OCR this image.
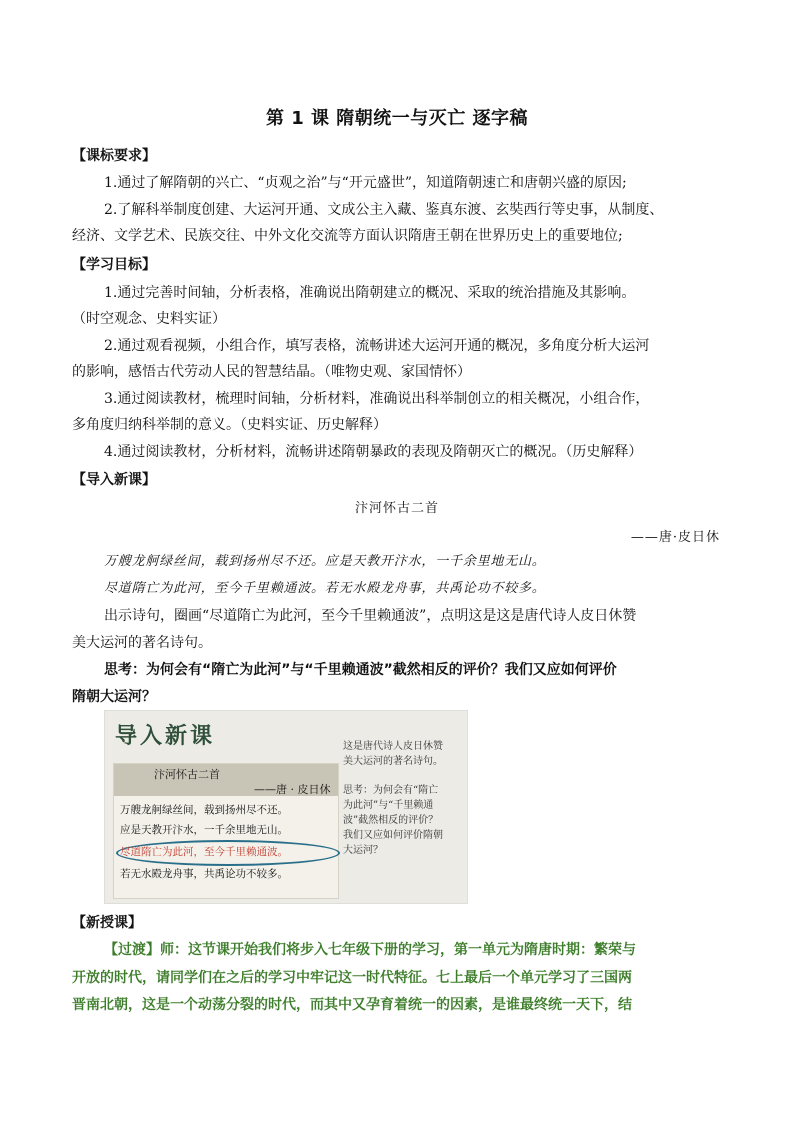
第 1 课 隋朝统一与灭亡 逐字稿
【课标要求】
1.通过了解隋朝的兴亡、“贞观之治”与“开元盛世”，知道隋朝速亡和唐朝兴盛的原因;
2.了解科举制度创建、大运河开通、文成公主入藏、鉴真东渡、玄奘西行等史事，从制度、
经济、文学艺术、民族交往、中外文化交流等方面认识隋唐王朝在世界历史上的重要地位;
【学习目标】
1.通过完善时间轴，分析表格，准确说出隋朝建立的概况、采取的统治措施及其影响。
（时空观念、史料实证）
2.通过观看视频，小组合作，填写表格，流畅讲述大运河开通的概况，多角度分析大运河
的影响，感悟古代劳动人民的智慧结晶。（唯物史观、家国情怀）
3.通过阅读教材，梳理时间轴，分析材料，准确说出科举制创立的相关概况，小组合作，
多角度归纳科举制的意义。（史料实证、历史解释）
4.通过阅读教材，分析材料，流畅讲述隋朝暴政的表现及隋朝灭亡的概况。（历史解释）
【导入新课】
汴河怀古二首
——唐·皮日休
万艘龙舸绿丝间，载到扬州尽不还。应是天教开汴水，一千余里地无山。
尽道隋亡为此河，至今千里赖通波。若无水殿龙舟事，共禹论功不较多。
出示诗句，圈画“尽道隋亡为此河，至今千里赖通波”，点明这是这是唐代诗人皮日休赞
美大运河的著名诗句。
思考：为何会有“隋亡为此河”与“千里赖通波”截然相反的评价？我们又应如何评价
隋朝大运河？
导入新课
汴河怀古二首
——唐 · 皮日休
万艘龙舸绿丝间，载到扬州尽不还。
应是天教开汴水，一千余里地无山。
尽道隋亡为此河，至今千里赖通波。
若无水殿龙舟事，共禹论功不较多。
这是唐代诗人皮日休赞
美大运河的著名诗句。
思考：为何会有“隋亡
为此河”与“千里赖通
波”截然相反的评价？
我们又应如何评价隋朝
大运河？
【新授课】
【过渡】师：这节课开始我们将步入七年级下册的学习，第一单元为隋唐时期：繁荣与
开放的时代，请同学们在之后的学习中牢记这一时代特征。七上最后一个单元学习了三国两
晋南北朝，这是一个动荡分裂的时代，而其中又孕育着统一的因素，是谁最终统一天下，结
